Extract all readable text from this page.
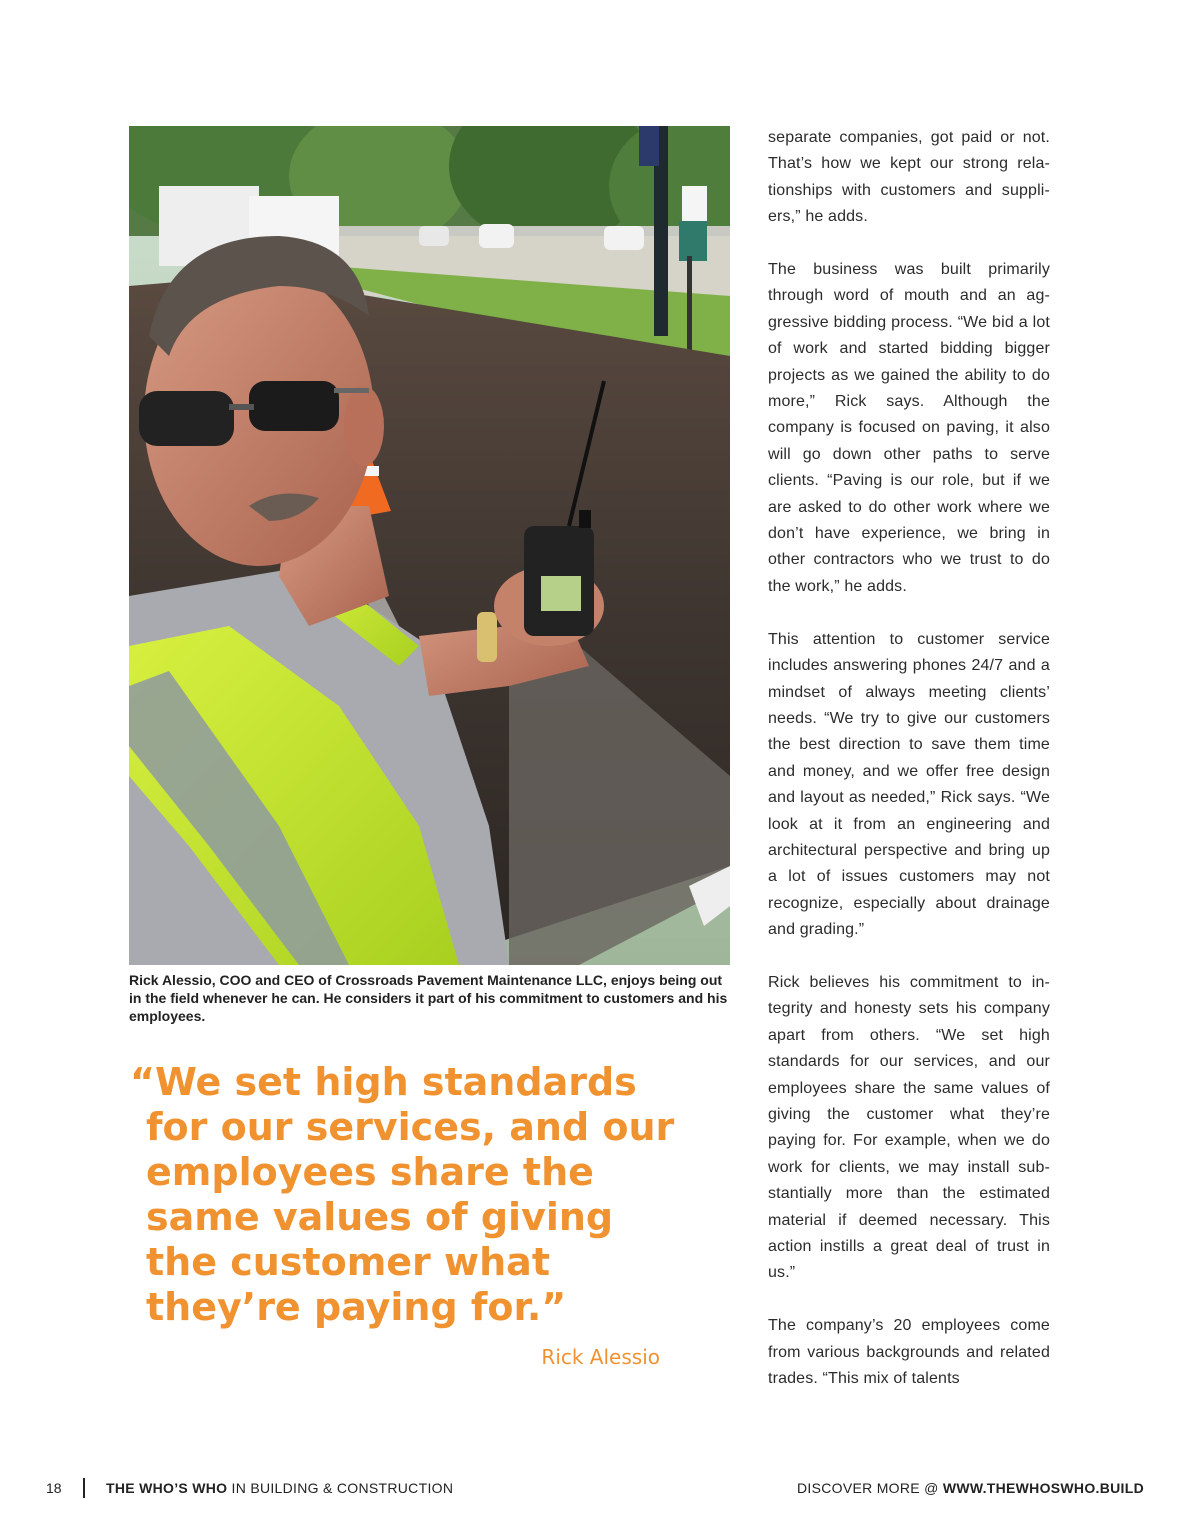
Rick Alessio, COO and CEO of Crossroads Pavement Maintenance LLC, enjoys being out in the field whenever he can. He considers it part of his commitment to customers and his employees.
“We set high standards for our services, and our employees share the same values of giving the customer what they’re paying for.”
Rick Alessio

separate companies, got paid or not. That’s how we kept our strong rela-tionships with customers and suppli-ers,” he adds.

The business was built primarily through word of mouth and an ag-gressive bidding process. “We bid a lot of work and started bidding bigger projects as we gained the ability to do more,” Rick says. Although the company is focused on paving, it also will go down other paths to serve clients. “Paving is our role, but if we are asked to do other work where we don’t have experience, we bring in other contractors who we trust to do the work,” he adds.

This attention to customer service includes answering phones 24/7 and a mindset of always meeting clients’ needs. “We try to give our customers the best direction to save them time and money, and we offer free design and layout as needed,” Rick says. “We look at it from an engineering and architectural perspective and bring up a lot of issues customers may not recognize, especially about drainage and grading.”

Rick believes his commitment to in-tegrity and honesty sets his company apart from others. “We set high standards for our services, and our employees share the same values of giving the customer what they’re paying for. For example, when we do work for clients, we may install sub-stantially more than the estimated material if deemed necessary. This action instills a great deal of trust in us.”

The company’s 20 employees come from various backgrounds and related trades. “This mix of talents

18	THE WHO’S WHO IN BUILDING & CONSTRUCTION	DISCOVER MORE @ WWW.THEWHOSWHO.BUILD
